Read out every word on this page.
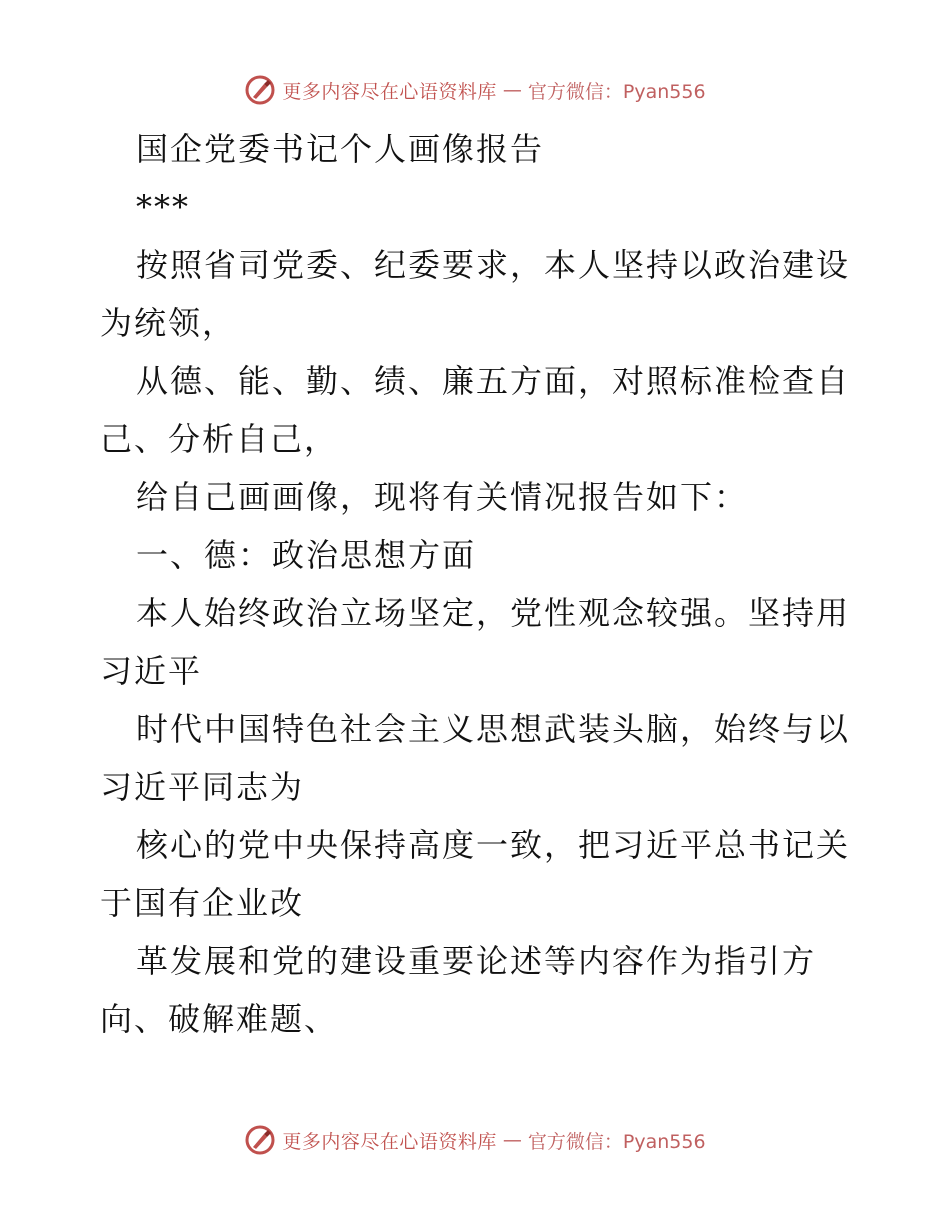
更多内容尽在心语资料库 — 官方微信：Pyan556
国企党委书记个人画像报告
***
按照省司党委、纪委要求，本人坚持以政治建设
为统领，
从德、能、勤、绩、廉五方面，对照标准检查自
己、分析自己，
给自己画画像，现将有关情况报告如下：
一、德：政治思想方面
本人始终政治立场坚定，党性观念较强。坚持用
习近平
时代中国特色社会主义思想武装头脑，始终与以
习近平同志为
核心的党中央保持高度一致，把习近平总书记关
于国有企业改
革发展和党的建设重要论述等内容作为指引方
向、破解难题、
更多内容尽在心语资料库 — 官方微信：Pyan556
